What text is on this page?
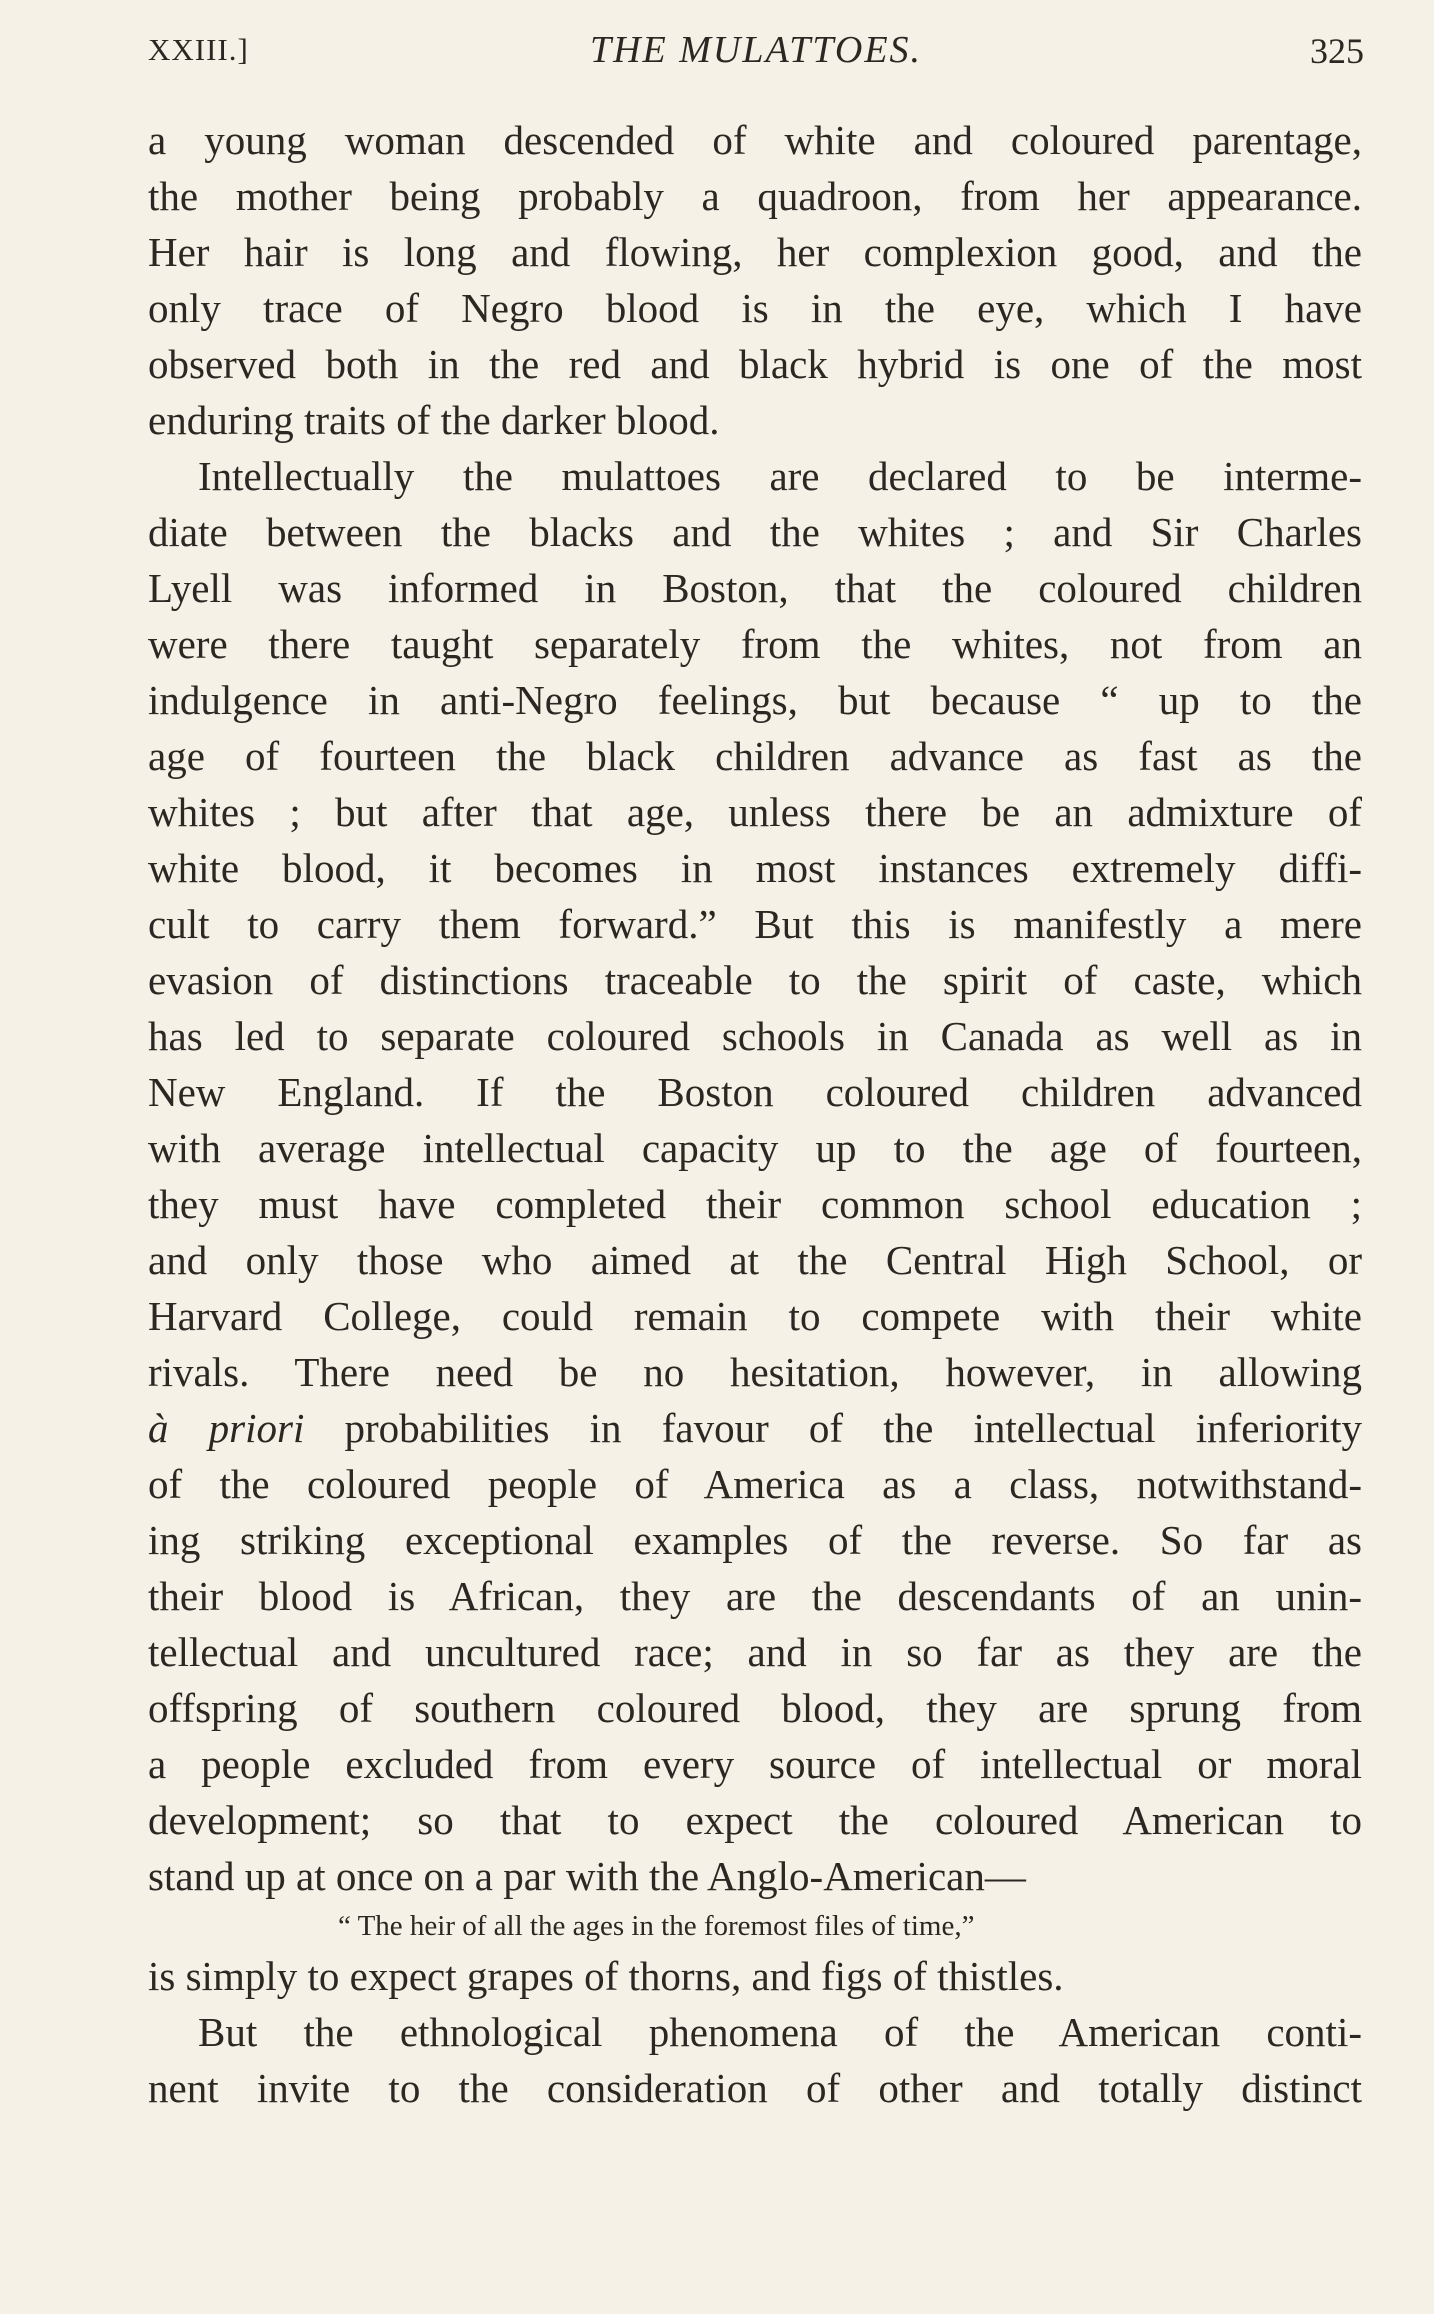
XXIII.]	THE MULATTOES.	325
a young woman descended of white and coloured parentage,
the mother being probably a quadroon, from her appearance.
Her hair is long and flowing, her complexion good, and the
only trace of Negro blood is in the eye, which I have
observed both in the red and black hybrid is one of the most
enduring traits of the darker blood.
Intellectually the mulattoes are declared to be interme-
diate between the blacks and the whites ; and Sir Charles
Lyell was informed in Boston, that the coloured children
were there taught separately from the whites, not from an
indulgence in anti-Negro feelings, but because “ up to the
age of fourteen the black children advance as fast as the
whites ; but after that age, unless there be an admixture of
white blood, it becomes in most instances extremely diffi-
cult to carry them forward.” But this is manifestly a mere
evasion of distinctions traceable to the spirit of caste, which
has led to separate coloured schools in Canada as well as in
New England. If the Boston coloured children advanced
with average intellectual capacity up to the age of fourteen,
they must have completed their common school education ;
and only those who aimed at the Central High School, or
Harvard College, could remain to compete with their white
rivals. There need be no hesitation, however, in allowing
à priori probabilities in favour of the intellectual inferiority
of the coloured people of America as a class, notwithstand-
ing striking exceptional examples of the reverse. So far as
their blood is African, they are the descendants of an unin-
tellectual and uncultured race; and in so far as they are the
offspring of southern coloured blood, they are sprung from
a people excluded from every source of intellectual or moral
development; so that to expect the coloured American to
stand up at once on a par with the Anglo-American—
“ The heir of all the ages in the foremost files of time,”
is simply to expect grapes of thorns, and figs of thistles.
But the ethnological phenomena of the American conti-
nent invite to the consideration of other and totally distinct
